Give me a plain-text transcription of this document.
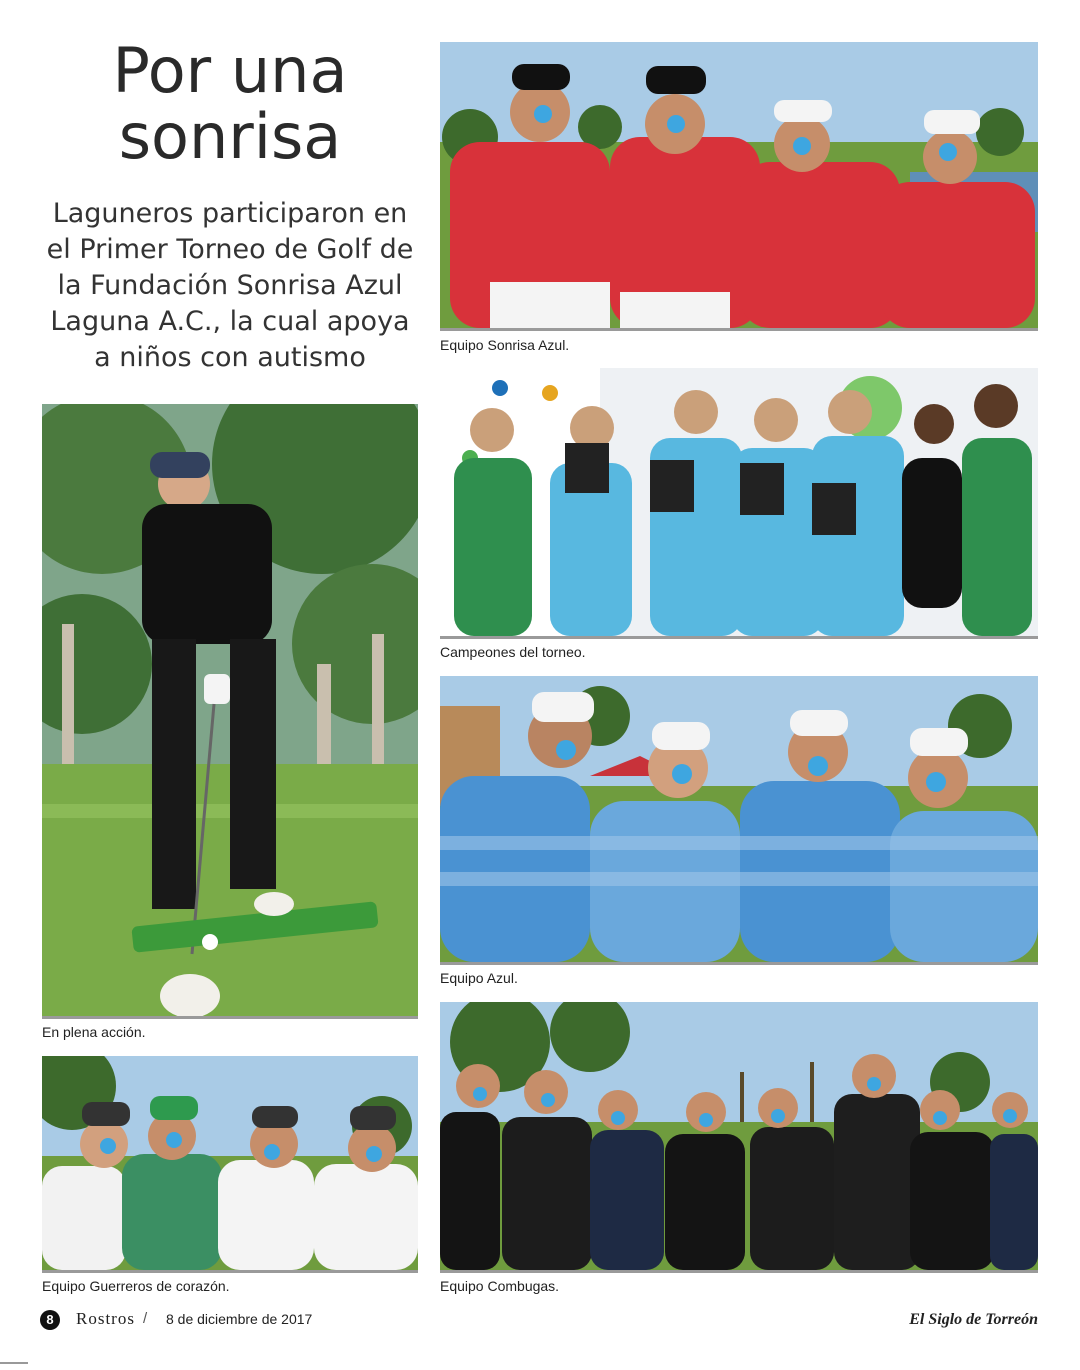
Por una sonrisa

Laguneros participaron en el Primer Torneo de Golf de la Fundación Sonrisa Azul Laguna A.C., la cual apoya a niños con autismo	Equipo Sonrisa Azul.
Campeones del torneo.
Equipo Azul.
Equipo Combugas.
En plena acción.
Equipo Guerreros de corazón.
8	Rostros / 8 de diciembre de 2017	El Siglo de Torreón
